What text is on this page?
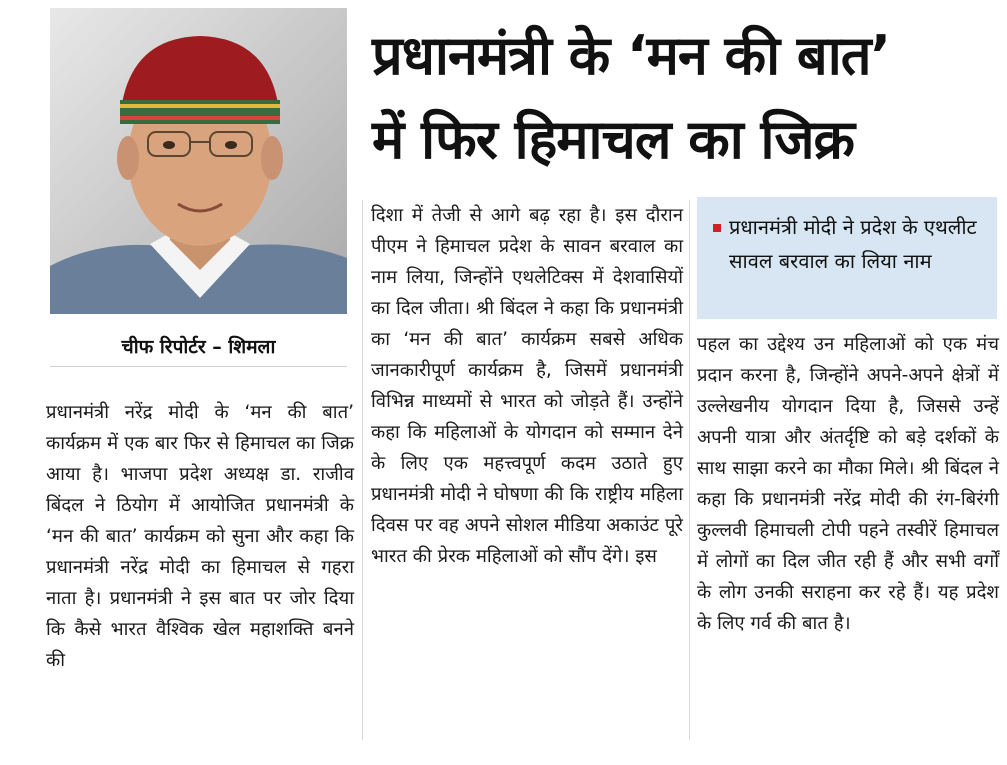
प्रधानमंत्री के ‘मन की बात’
में फिर हिमाचल का जिक्र
चीफ रिपोर्टर – शिमला
प्रधानमंत्री नरेंद्र मोदी के ‘मन की बात’ कार्यक्रम में एक बार फिर से हिमाचल का जिक्र आया है। भाजपा प्रदेश अध्यक्ष डा. राजीव बिंदल ने ठियोग में आयोजित प्रधानमंत्री के ‘मन की बात’ कार्यक्रम को सुना और कहा कि प्रधानमंत्री नरेंद्र मोदी का हिमाचल से गहरा नाता है। प्रधानमंत्री ने इस बात पर जोर दिया कि कैसे भारत वैश्विक खेल महाशक्ति बनने की
दिशा में तेजी से आगे बढ़ रहा है। इस दौरान पीएम ने हिमाचल प्रदेश के सावन बरवाल का नाम लिया, जिन्होंने एथलेटिक्स में देशवासियों का दिल जीता। श्री बिंदल ने कहा कि प्रधानमंत्री का ‘मन की बात’ कार्यक्रम सबसे अधिक जानकारीपूर्ण कार्यक्रम है, जिसमें प्रधानमंत्री विभिन्न माध्यमों से भारत को जोड़ते हैं। उन्होंने कहा कि महिलाओं के योगदान को सम्मान देने के लिए एक महत्त्वपूर्ण कदम उठाते हुए प्रधानमंत्री मोदी ने घोषणा की कि राष्ट्रीय महिला दिवस पर वह अपने सोशल मीडिया अकाउंट पूरे भारत की प्रेरक महिलाओं को सौंप देंगे। इस
प्रधानमंत्री मोदी ने प्रदेश के एथलीट सावल बरवाल का लिया नाम
पहल का उद्देश्य उन महिलाओं को एक मंच प्रदान करना है, जिन्होंने अपने-अपने क्षेत्रों में उल्लेखनीय योगदान दिया है, जिससे उन्हें अपनी यात्रा और अंतर्दृष्टि को बड़े दर्शकों के साथ साझा करने का मौका मिले। श्री बिंदल ने कहा कि प्रधानमंत्री नरेंद्र मोदी की रंग-बिरंगी कुल्लवी हिमाचली टोपी पहने तस्वीरें हिमाचल में लोगों का दिल जीत रही हैं और सभी वर्गों के लोग उनकी सराहना कर रहे हैं। यह प्रदेश के लिए गर्व की बात है।
